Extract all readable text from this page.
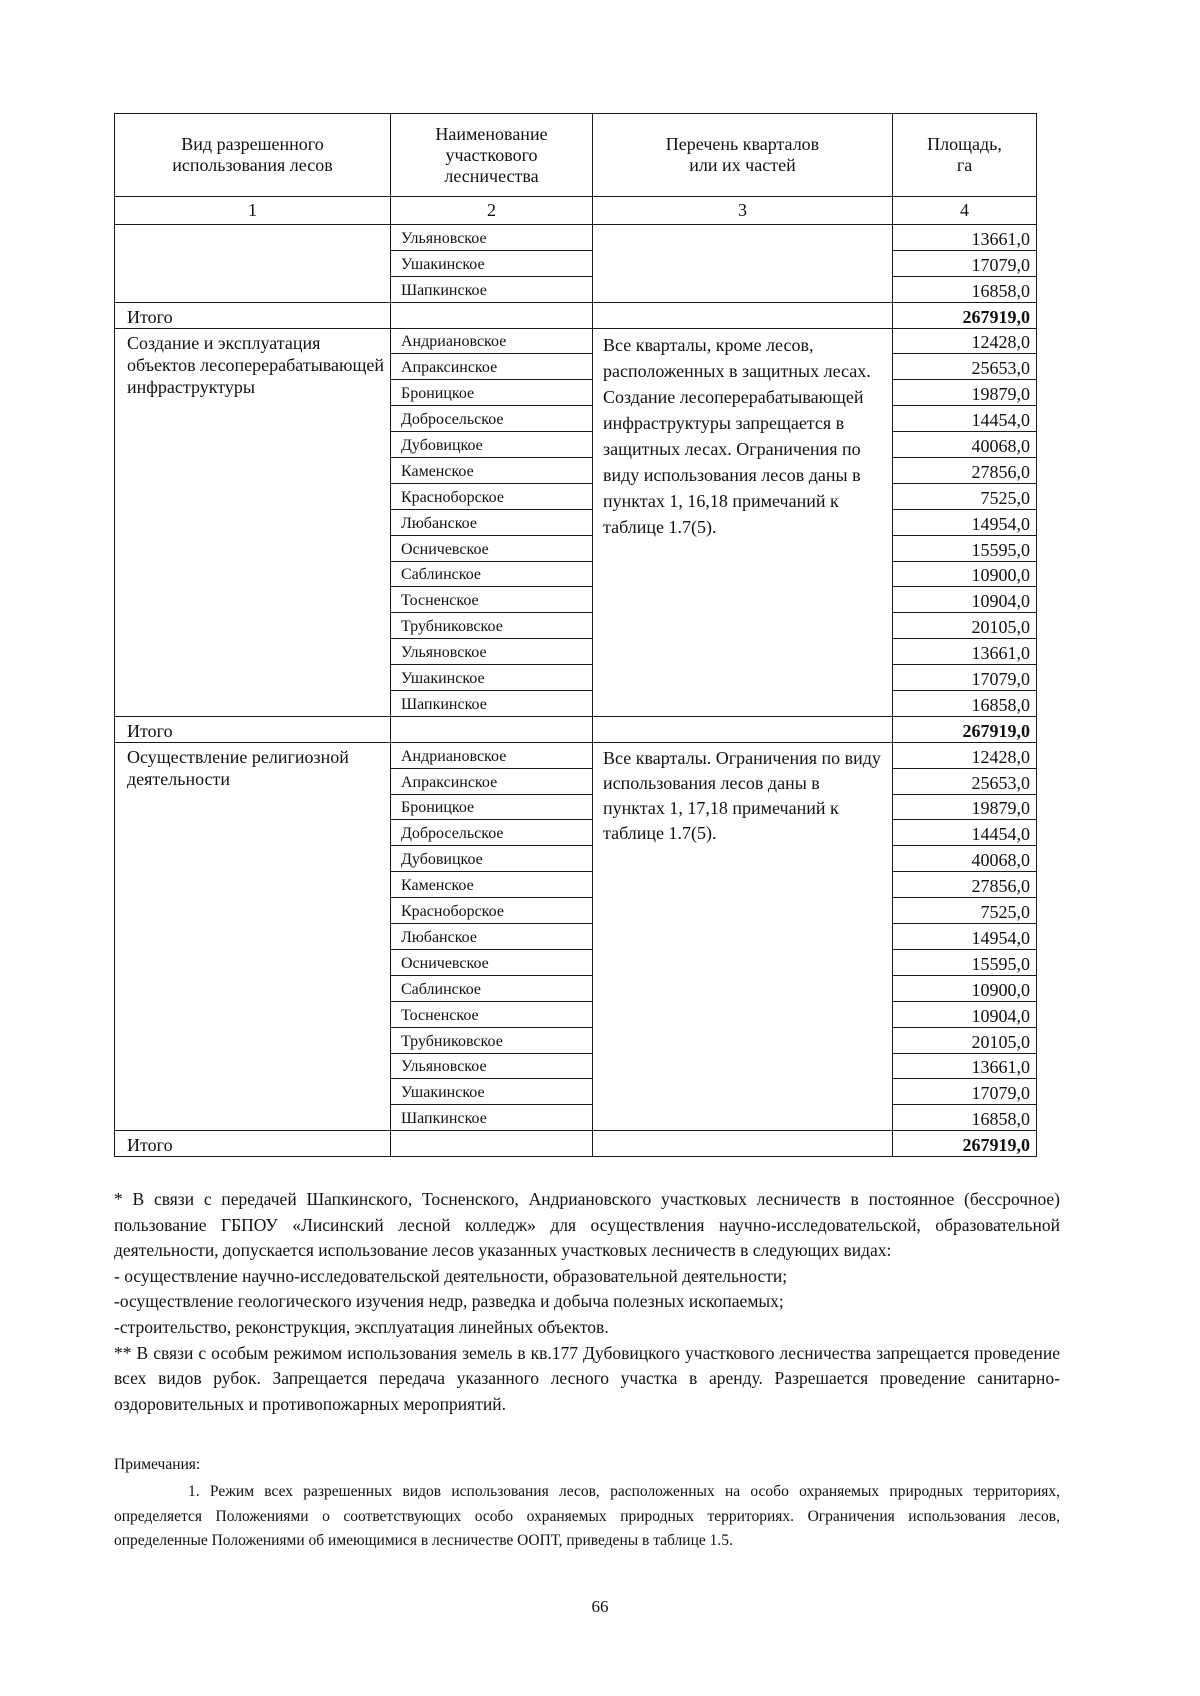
Вид разрешенного использования лесов	Наименование участкового лесничества	Перечень кварталов или их частей	Площадь, га
1	2	3	4
	Ульяновское		13661,0
	Ушакинское		17079,0
	Шапкинское		16858,0
Итого			267919,0
Создание и эксплуатация объектов лесоперерабатывающей инфраструктуры	Андриановское	Все кварталы, кроме лесов, расположенных в защитных лесах. Создание лесоперерабатывающей инфраструктуры запрещается в защитных лесах. Ограничения по виду использования лесов даны в пунктах 1, 16,18 примечаний к таблице 1.7(5).	12428,0
	Апраксинское		25653,0
	Броницкое		19879,0
	Добросельское		14454,0
	Дубовицкое		40068,0
	Каменское		27856,0
	Красноборское		7525,0
	Любанское		14954,0
	Осничевское		15595,0
	Саблинское		10900,0
	Тосненское		10904,0
	Трубниковское		20105,0
	Ульяновское		13661,0
	Ушакинское		17079,0
	Шапкинское		16858,0
Итого			267919,0
Осуществление религиозной деятельности	Андриановское	Все кварталы. Ограничения по виду использования лесов даны в пунктах 1, 17,18 примечаний к таблице 1.7(5).	12428,0
	Апраксинское		25653,0
	Броницкое		19879,0
	Добросельское		14454,0
	Дубовицкое		40068,0
	Каменское		27856,0
	Красноборское		7525,0
	Любанское		14954,0
	Осничевское		15595,0
	Саблинское		10900,0
	Тосненское		10904,0
	Трубниковское		20105,0
	Ульяновское		13661,0
	Ушакинское		17079,0
	Шапкинское		16858,0
Итого			267919,0

* В связи с передачей Шапкинского, Тосненского, Андриановского участковых лесничеств в постоянное (бессрочное) пользование ГБПОУ «Лисинский лесной колледж» для осуществления научно-исследовательской, образовательной деятельности, допускается использование лесов указанных участковых лесничеств в следующих видах:

- осуществление научно-исследовательской деятельности, образовательной деятельности;

-осуществление геологического изучения недр, разведка и добыча полезных ископаемых;

-строительство, реконструкция, эксплуатация линейных объектов.

** В связи с особым режимом использования земель в кв.177 Дубовицкого участкового лесничества запрещается проведение всех видов рубок. Запрещается передача указанного лесного участка в аренду. Разрешается проведение санитарно-оздоровительных и противопожарных мероприятий.

Примечания:
1. Режим всех разрешенных видов использования лесов, расположенных на особо охраняемых природных территориях, определяется Положениями о соответствующих особо охраняемых природных территориях. Ограничения использования лесов, определенные Положениями об имеющимися в лесничестве ООПТ, приведены в таблице 1.5.
66
